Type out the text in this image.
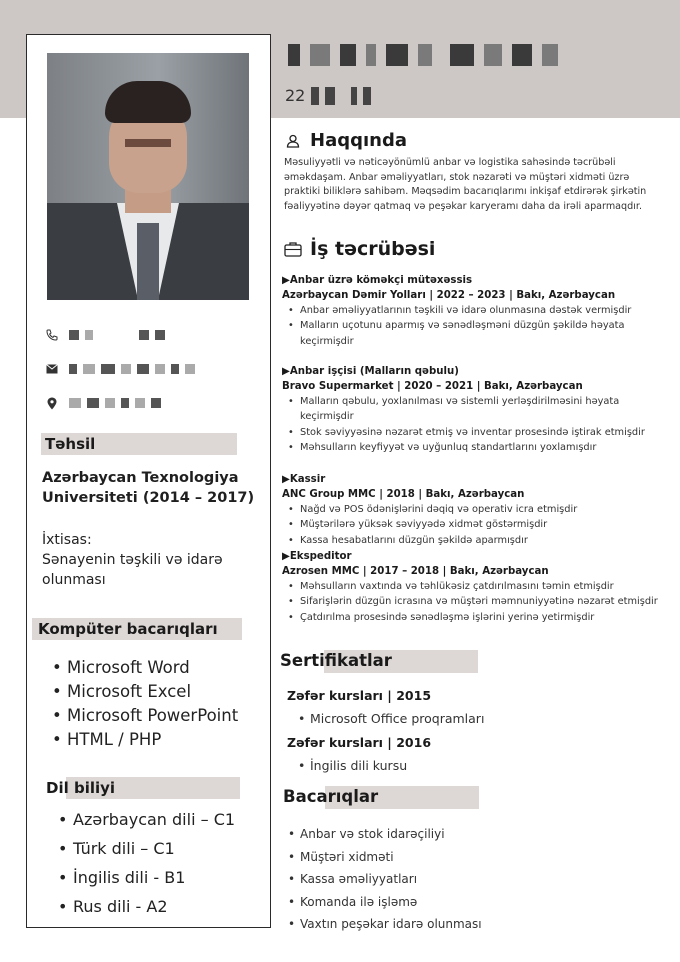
Təhsil
Azərbaycan Texnologiya Universiteti (2014 – 2017)
İxtisas:
Sənayenin təşkili və idarə
olunması
Kompüter bacarıqları
• Microsoft Word
• Microsoft Excel
• Microsoft PowerPoint
• HTML / PHP
Dil biliyi
• Azərbaycan dili – C1
• Türk dili – C1
• İngilis dili - B1
• Rus dili - A2
22
Haqqında
Məsuliyyətli və nəticəyönümlü anbar və logistika sahəsində təcrübəli əməkdaşam. Anbar əməliyyatları, stok nəzarəti və müştəri xidməti üzrə praktiki biliklərə sahibəm. Məqsədim bacarıqlarımı inkişaf etdirərək şirkətin fəaliyyətinə dəyər qatmaq və peşəkar karyeramı daha da irəli aparmaqdır.
İş təcrübəsi
▶Anbar üzrə köməkçi mütəxəssis
Azərbaycan Dəmir Yolları | 2022 – 2023 | Bakı, Azərbaycan
• Anbar əməliyyatlarının təşkili və idarə olunmasına dəstək vermişdir
• Malların uçotunu aparmış və sənədləşməni düzgün şəkildə həyata keçirmişdir
▶Anbar işçisi (Malların qəbulu)
Bravo Supermarket | 2020 – 2021 | Bakı, Azərbaycan
• Malların qəbulu, yoxlanılması və sistemli yerləşdirilməsini həyata keçirmişdir
• Stok səviyyəsinə nəzarət etmiş və inventar prosesində iştirak etmişdir
• Məhsulların keyfiyyət və uyğunluq standartlarını yoxlamışdır
▶Kassir
ANC Group MMC | 2018 | Bakı, Azərbaycan
• Nağd və POS ödənişlərini dəqiq və operativ icra etmişdir
• Müştərilərə yüksək səviyyədə xidmət göstərmişdir
• Kassa hesabatlarını düzgün şəkildə aparmışdır
▶Ekspeditor
Azrosen MMC | 2017 – 2018 | Bakı, Azərbaycan
• Məhsulların vaxtında və təhlükəsiz çatdırılmasını təmin etmişdir
• Sifarişlərin düzgün icrasına və müştəri məmnuniyyətinə nəzarət etmişdir
• Çatdırılma prosesində sənədləşmə işlərini yerinə yetirmişdir
Sertifikatlar
Zəfər kursları | 2015
• Microsoft Office proqramları
Zəfər kursları | 2016
• İngilis dili kursu
Bacarıqlar
• Anbar və stok idarəçiliyi
• Müştəri xidməti
• Kassa əməliyyatları
• Komanda ilə işləmə
• Vaxtın peşəkar idarə olunması
